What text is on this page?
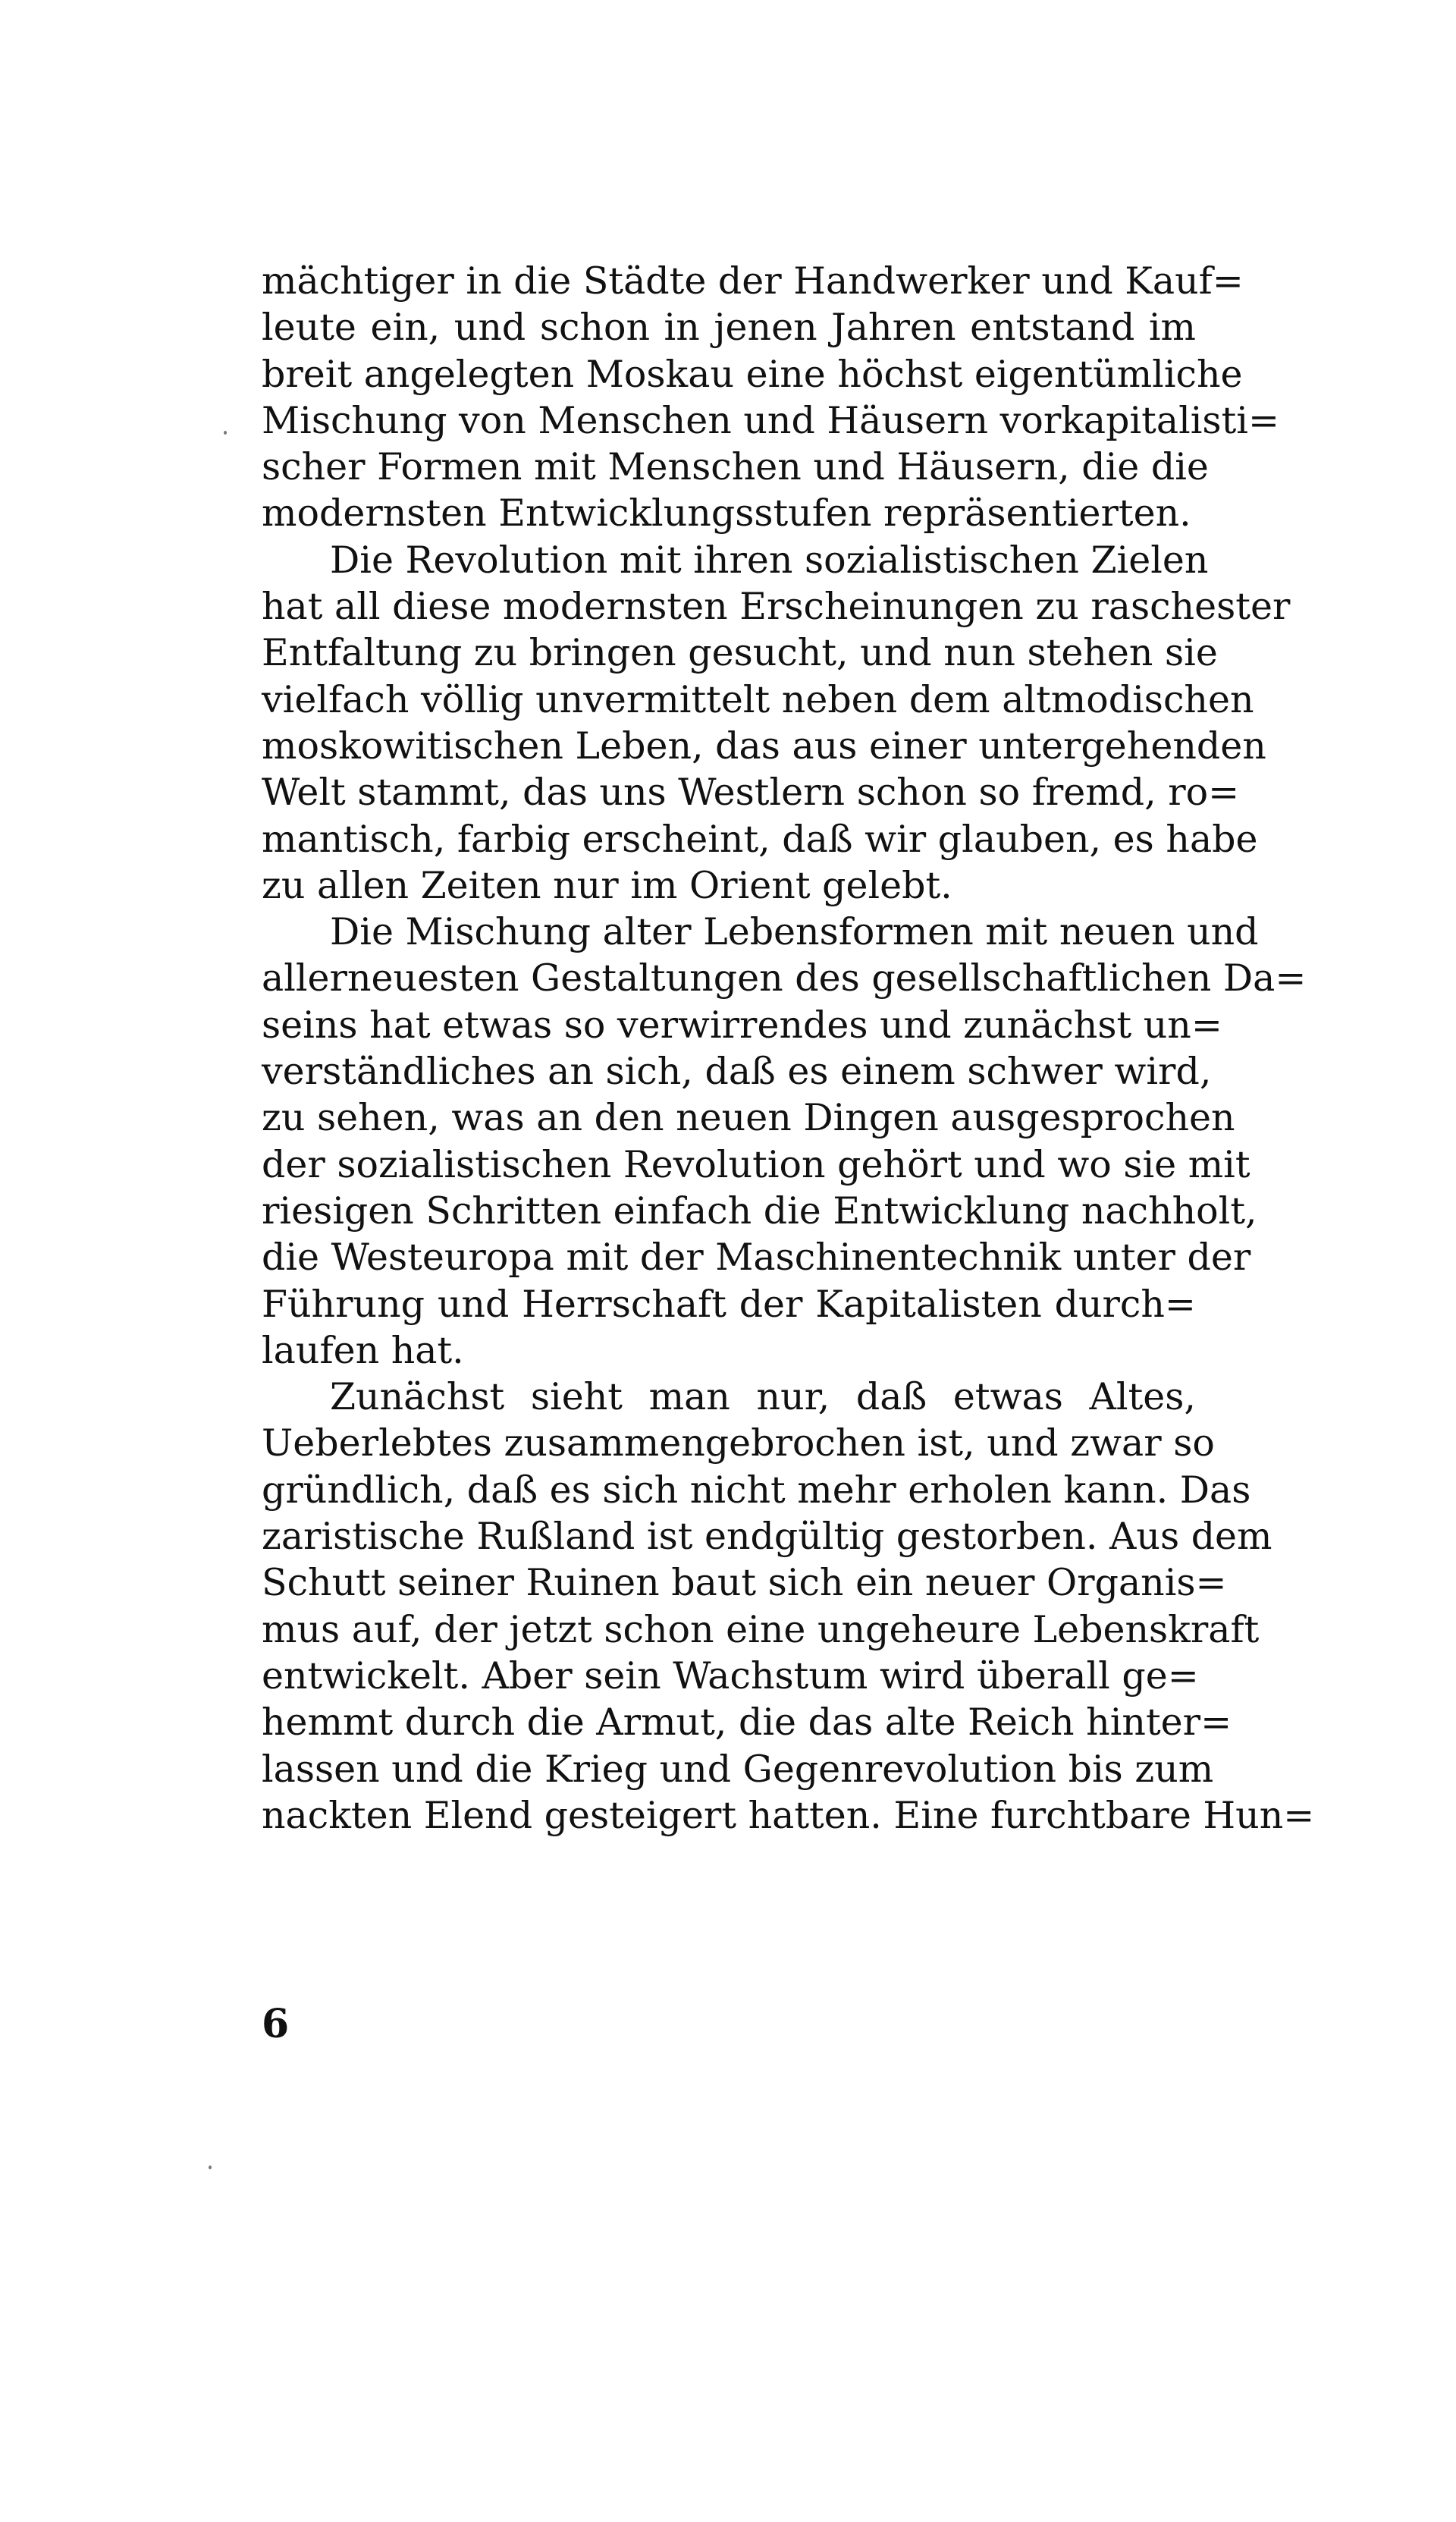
mächtiger in die Städte der Handwerker und Kauf=
leute ein, und schon in jenen Jahren entstand im
breit angelegten Moskau eine höchst eigentümliche
Mischung von Menschen und Häusern vorkapitalisti=
scher Formen mit Menschen und Häusern, die die
modernsten Entwicklungsstufen repräsentierten.
Die Revolution mit ihren sozialistischen Zielen
hat all diese modernsten Erscheinungen zu raschester
Entfaltung zu bringen gesucht, und nun stehen sie
vielfach völlig unvermittelt neben dem altmodischen
moskowitischen Leben, das aus einer untergehenden
Welt stammt, das uns Westlern schon so fremd, ro=
mantisch, farbig erscheint, daß wir glauben, es habe
zu allen Zeiten nur im Orient gelebt.
Die Mischung alter Lebensformen mit neuen und
allerneuesten Gestaltungen des gesellschaftlichen Da=
seins hat etwas so verwirrendes und zunächst un=
verständliches an sich, daß es einem schwer wird,
zu sehen, was an den neuen Dingen ausgesprochen
der sozialistischen Revolution gehört und wo sie mit
riesigen Schritten einfach die Entwicklung nachholt,
die Westeuropa mit der Maschinentechnik unter der
Führung und Herrschaft der Kapitalisten durch=
laufen hat.
Zunächst sieht man nur, daß etwas Altes,
Ueberlebtes zusammengebrochen ist, und zwar so
gründlich, daß es sich nicht mehr erholen kann. Das
zaristische Rußland ist endgültig gestorben. Aus dem
Schutt seiner Ruinen baut sich ein neuer Organis=
mus auf, der jetzt schon eine ungeheure Lebenskraft
entwickelt. Aber sein Wachstum wird überall ge=
hemmt durch die Armut, die das alte Reich hinter=
lassen und die Krieg und Gegenrevolution bis zum
nackten Elend gesteigert hatten. Eine furchtbare Hun=
6
